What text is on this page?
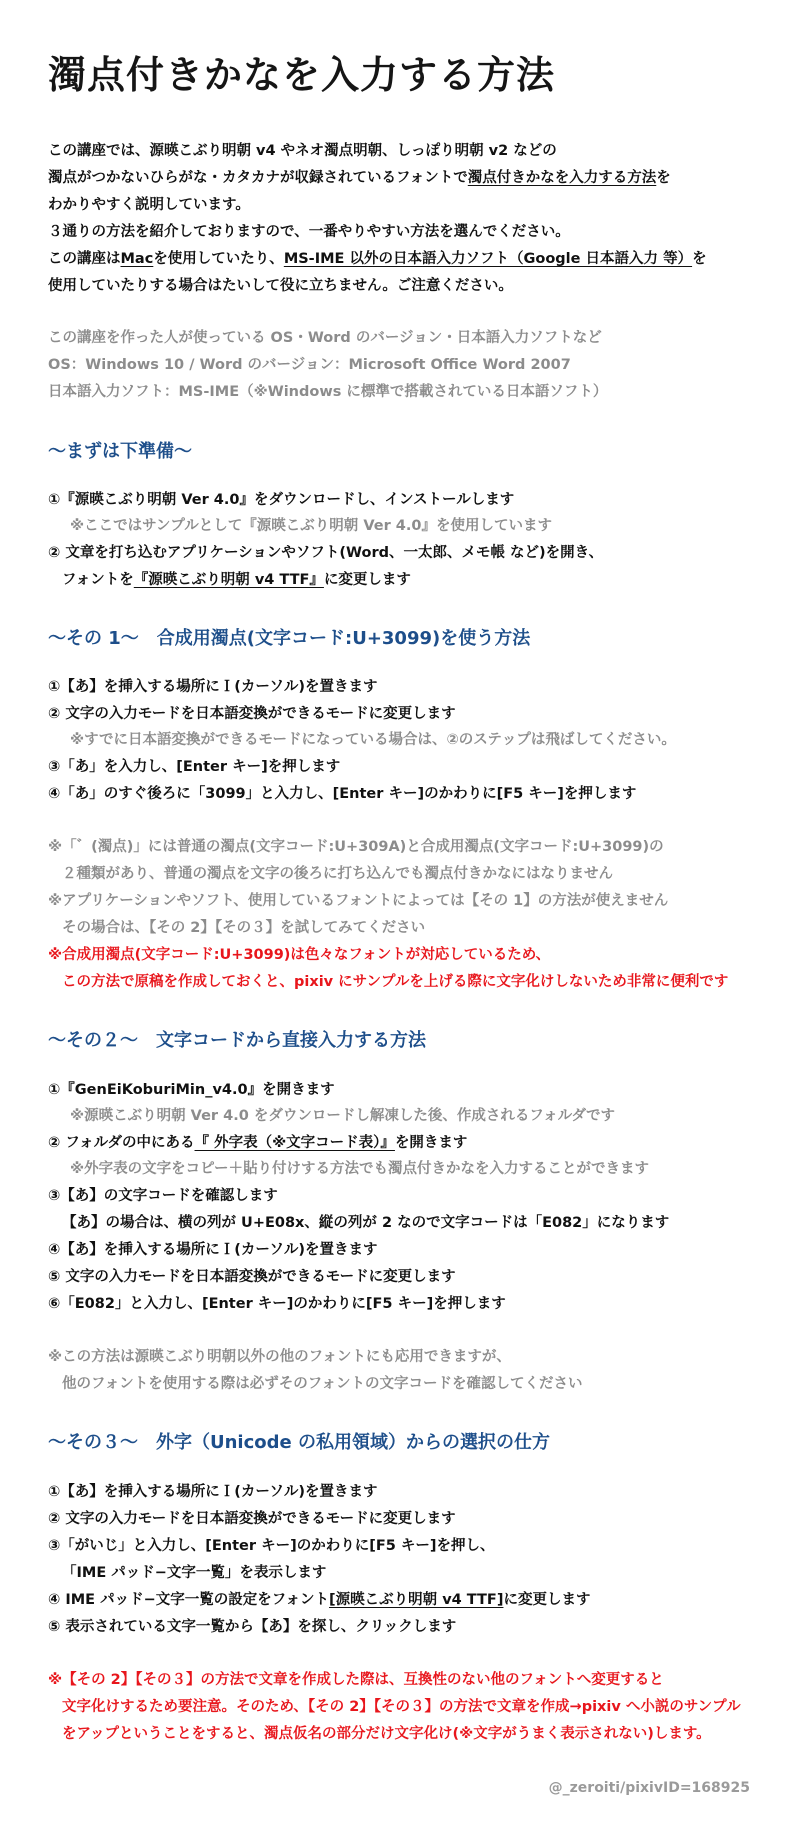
濁点付きかなを入力する方法
この講座では、源暎こぶり明朝 v4 やネオ濁点明朝、しっぽり明朝 v2 などの
濁点がつかないひらがな・カタカナが収録されているフォントで濁点付きかなを入力する方法を
わかりやすく説明しています。
３通りの方法を紹介しておりますので、一番やりやすい方法を選んでください。
この講座はMacを使用していたり、MS-IME 以外の日本語入力ソフト（Google 日本語入力 等）を
使用していたりする場合はたいして役に立ちません。ご注意ください。
この講座を作った人が使っている OS・Word のバージョン・日本語入力ソフトなど
OS：Windows 10 / Word のバージョン：Microsoft Office Word 2007
日本語入力ソフト：MS-IME（※Windows に標準で搭載されている日本語ソフト）
〜まずは下準備〜
①『源暎こぶり明朝 Ver 4.0』をダウンロードし、インストールします
※ここではサンプルとして『源暎こぶり明朝 Ver 4.0』を使用しています
② 文章を打ち込むアプリケーションやソフト(Word、一太郎、メモ帳 など)を開き、
フォントを『源暎こぶり明朝 v4 TTF』に変更します
〜その 1〜　合成用濁点(文字コード:U+3099)を使う方法
①【あ】を挿入する場所にＩ(カーソル)を置きます
② 文字の入力モードを日本語変換ができるモードに変更します
※すでに日本語変換ができるモードになっている場合は、②のステップは飛ばしてください。
③「あ」を入力し、[Enter キー]を押します
④「あ」のすぐ後ろに「3099」と入力し、[Enter キー]のかわりに[F5 キー]を押します
※「゛(濁点)」には普通の濁点(文字コード:U+309A)と合成用濁点(文字コード:U+3099)の
２種類があり、普通の濁点を文字の後ろに打ち込んでも濁点付きかなにはなりません
※アプリケーションやソフト、使用しているフォントによっては【その 1】の方法が使えません
その場合は、【その 2】【その３】を試してみてください
※合成用濁点(文字コード:U+3099)は色々なフォントが対応しているため、
この方法で原稿を作成しておくと、pixiv にサンプルを上げる際に文字化けしないため非常に便利です
〜その２〜　文字コードから直接入力する方法
①『GenEiKoburiMin_v4.0』を開きます
※源暎こぶり明朝 Ver 4.0 をダウンロードし解凍した後、作成されるフォルダです
② フォルダの中にある『 外字表（※文字コード表）』を開きます
※外字表の文字をコピー＋貼り付けする方法でも濁点付きかなを入力することができます
③【あ】の文字コードを確認します
【あ】の場合は、横の列が U+E08x、縦の列が 2 なので文字コードは「E082」になります
④【あ】を挿入する場所にＩ(カーソル)を置きます
⑤ 文字の入力モードを日本語変換ができるモードに変更します
⑥「E082」と入力し、[Enter キー]のかわりに[F5 キー]を押します
※この方法は源暎こぶり明朝以外の他のフォントにも応用できますが、
他のフォントを使用する際は必ずそのフォントの文字コードを確認してください
〜その３〜　外字（Unicode の私用領域）からの選択の仕方
①【あ】を挿入する場所にＩ(カーソル)を置きます
② 文字の入力モードを日本語変換ができるモードに変更します
③「がいじ」と入力し、[Enter キー]のかわりに[F5 キー]を押し、
「IME パッド−文字一覧」を表示します
④ IME パッド−文字一覧の設定をフォント[源暎こぶり明朝 v4 TTF]に変更します
⑤ 表示されている文字一覧から【あ】を探し、クリックします
※【その 2】【その３】の方法で文章を作成した際は、互換性のない他のフォントへ変更すると
文字化けするため要注意。そのため、【その 2】【その３】の方法で文章を作成→pixiv へ小説のサンプル
をアップということをすると、濁点仮名の部分だけ文字化け(※文字がうまく表示されない)します。
@_zeroiti/pixivID=168925
